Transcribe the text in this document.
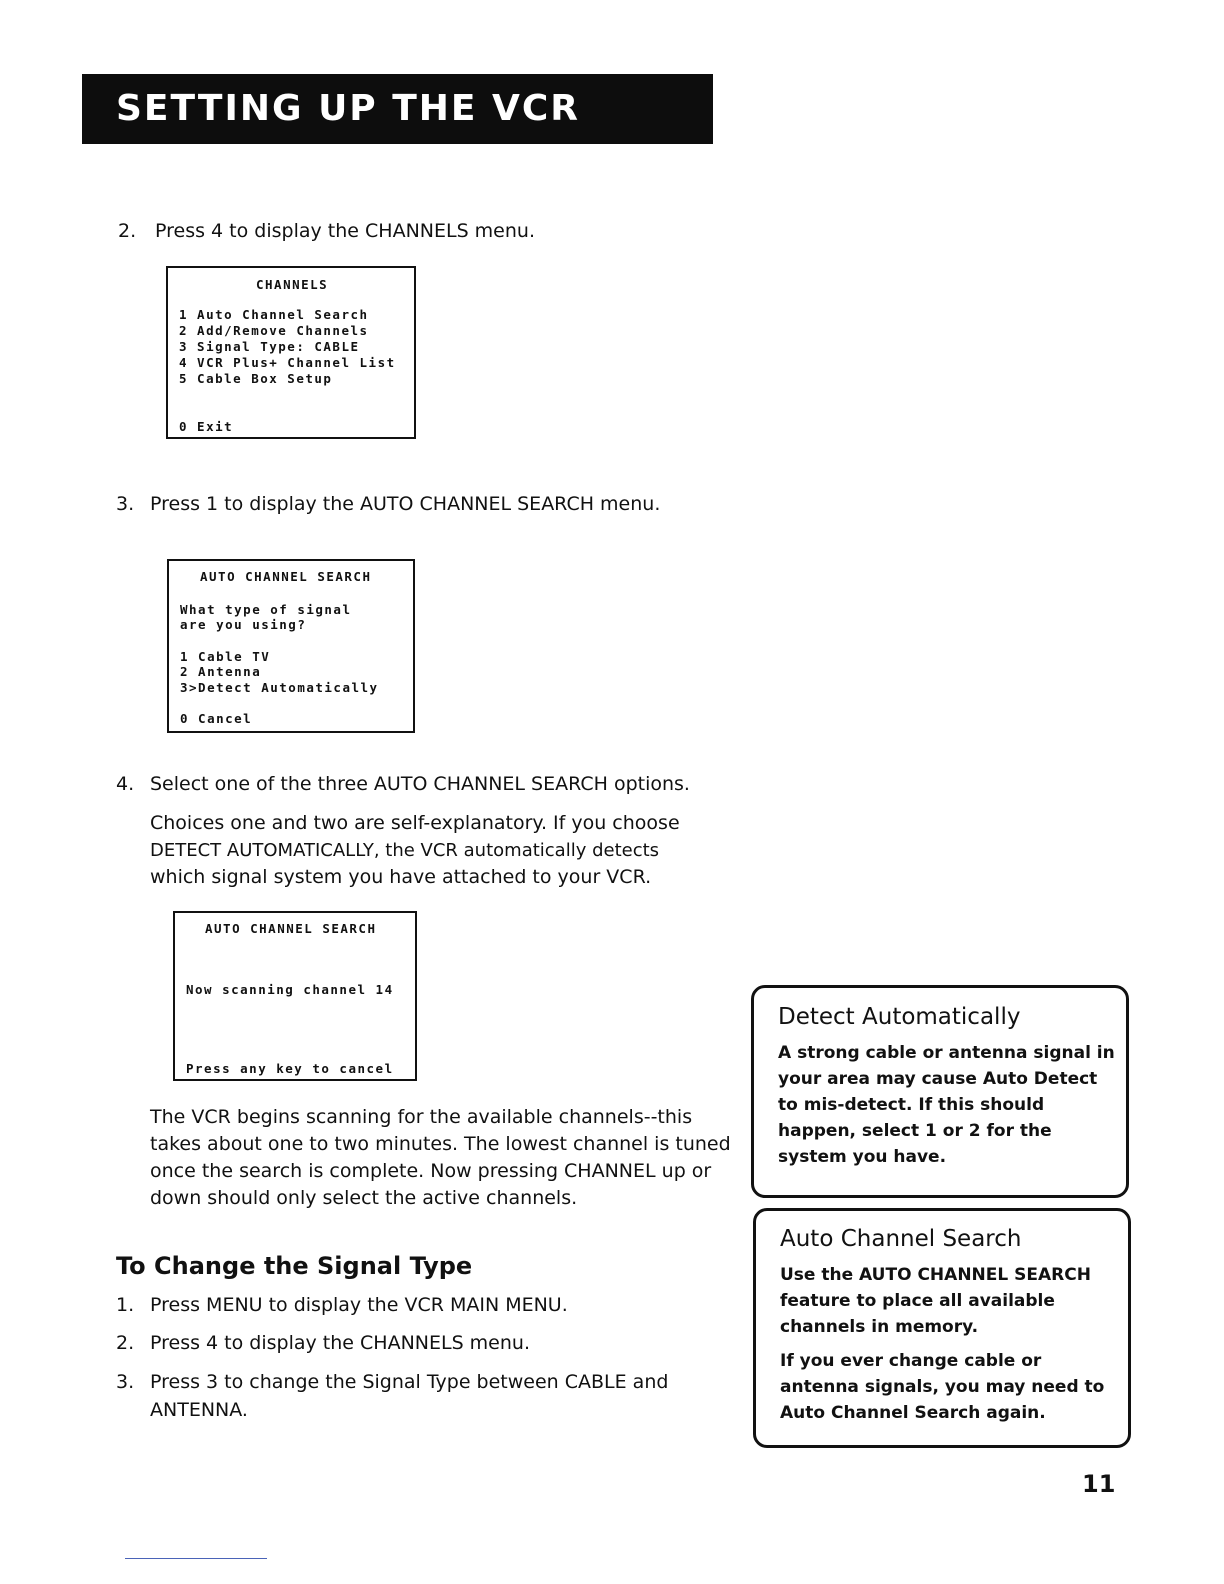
SETTING UP THE VCR
2. Press 4 to display the CHANNELS menu.

CHANNELS

1 Auto Channel Search

2 Add/Remove Channels

3 Signal Type: CABLE

4 VCR Plus+ Channel List

5 Cable Box Setup

0 Exit

3. Press 1 to display the AUTO CHANNEL SEARCH menu.

AUTO CHANNEL SEARCH

What type of signal

are you using?

1 Cable TV

2 Antenna

3>Detect Automatically

0 Cancel

4. Select one of the three AUTO CHANNEL SEARCH options.
Choices one and two are self-explanatory. If you choose
DETECT AUTOMATICALLY, the VCR automatically detects
which signal system you have attached to your VCR.

AUTO CHANNEL SEARCH

Now scanning channel 14

Press any key to cancel

The VCR begins scanning for the available channels--this
takes about one to two minutes. The lowest channel is tuned
once the search is complete. Now pressing CHANNEL up or
down should only select the active channels.
To Change the Signal Type
1. Press MENU to display the VCR MAIN MENU.
2. Press 4 to display the CHANNELS menu.
3. Press 3 to change the Signal Type between CABLE and
ANTENNA.
Detect Automatically
A strong cable or antenna signal in
your area may cause Auto Detect
to mis-detect. If this should
happen, select 1 or 2 for the
system you have.
Auto Channel Search
Use the AUTO CHANNEL SEARCH
feature to place all available
channels in memory.
If you ever change cable or
antenna signals, you may need to
Auto Channel Search again.
11
